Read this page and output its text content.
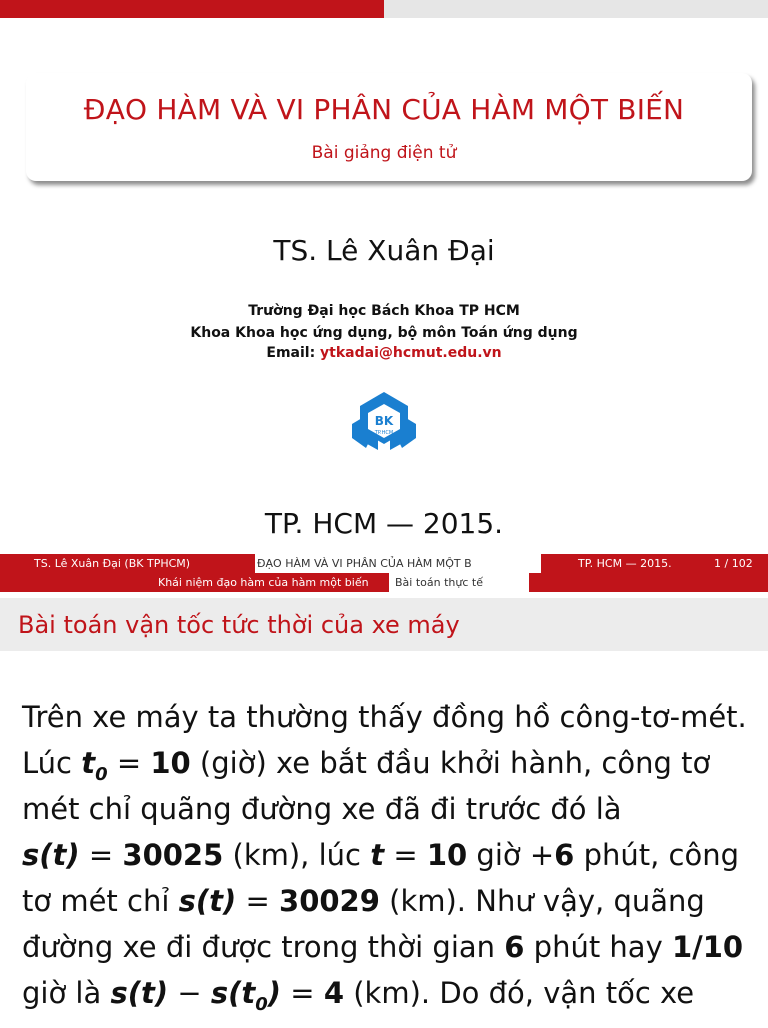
ĐẠO HÀM VÀ VI PHÂN CỦA HÀM MỘT BIẾN
Bài giảng điện tử
TS. Lê Xuân Đại
Trường Đại học Bách Khoa TP HCM
Khoa Khoa học ứng dụng, bộ môn Toán ứng dụng
Email: ytkadai@hcmut.edu.vn
BK
TP.HCM
TP. HCM — 2015.
TS. Lê Xuân Đại (BK TPHCM)	ĐẠO HÀM VÀ VI PHÂN CỦA HÀM MỘT B	TP. HCM — 2015.	1 / 102
Khái niệm đạo hàm của hàm một biến Bài toán thực tế
Bài toán vận tốc tức thời của xe máy
Trên xe máy ta thường thấy đồng hồ công-tơ-mét.
Lúc $t_0 = 10$ (giờ) xe bắt đầu khởi hành, công tơ
mét chỉ quãng đường xe đã đi trước đó là
s(t) = 30025 (km), lúc t = 10 giờ +6 phút, công
tơ mét chỉ s(t) = 30029 (km). Như vậy, quãng
đường xe đi được trong thời gian 6 phút hay 1/10
giờ là $s(t) - s(t_0) = 4$ (km). Do đó, vận tốc xe
